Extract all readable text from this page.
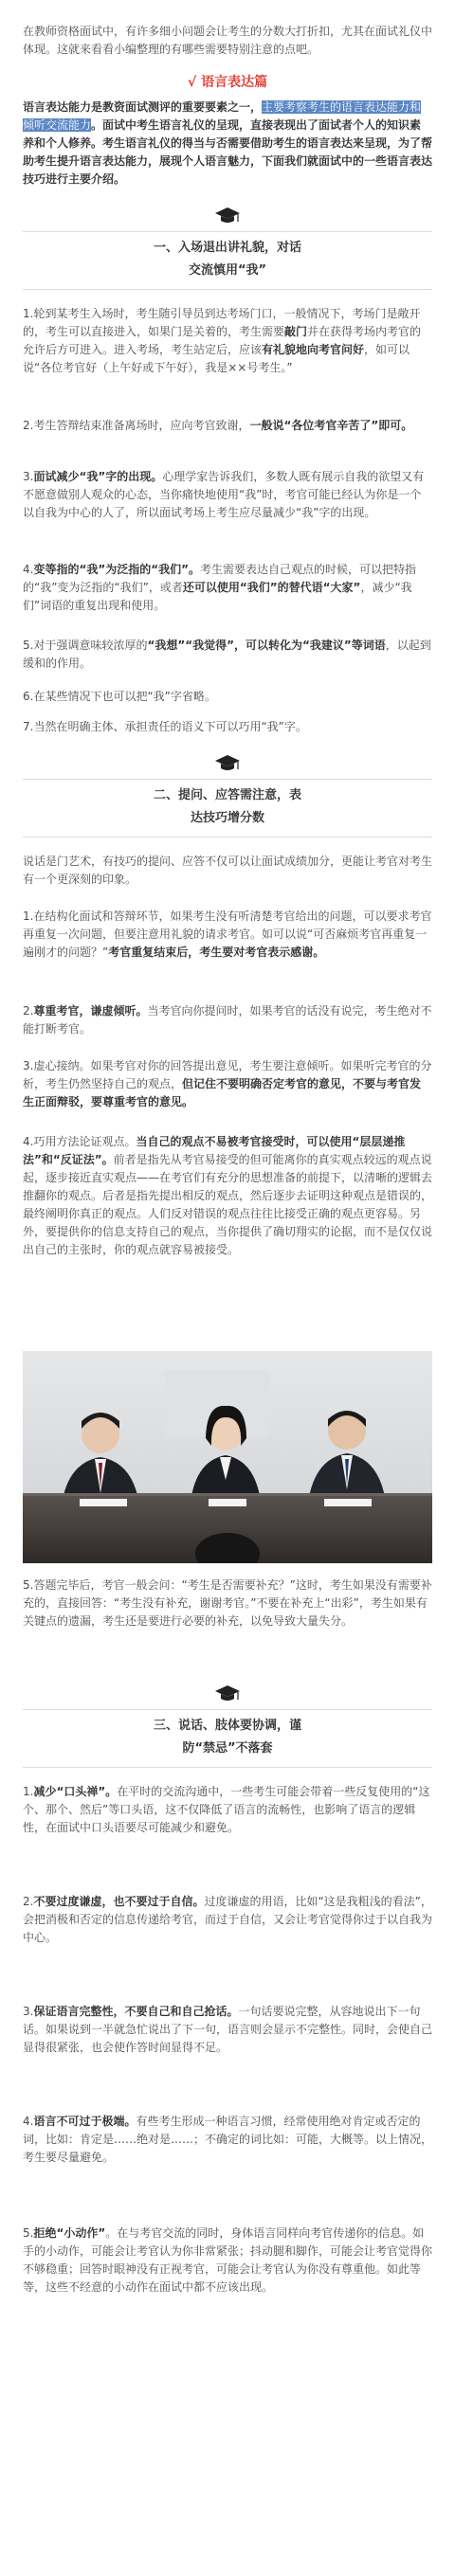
在教师资格面试中，有许多细小问题会让考生的分数大打折扣，尤其在面试礼仪中体现。这就来看看小编整理的有哪些需要特别注意的点吧。

√ 语言表达篇

语言表达能力是教资面试测评的重要要素之一，主要考察考生的语言表达能力和倾听交流能力。面试中考生语言礼仪的呈现，直接表现出了面试者个人的知识素养和个人修养。考生语言礼仪的得当与否需要借助考生的语言表达来呈现，为了帮助考生提升语言表达能力，展现个人语言魅力，下面我们就面试中的一些语言表达技巧进行主要介绍。

一、入场退出讲礼貌，对话
交流慎用“我”

1.轮到某考生入场时，考生随引导员到达考场门口，一般情况下，考场门是敞开的，考生可以直接进入，如果门是关着的，考生需要敲门并在获得考场内考官的允许后方可进入。进入考场，考生站定后，应该有礼貌地向考官问好，如可以说“各位考官好（上午好或下午好），我是××号考生。”

2.考生答辩结束准备离场时，应向考官致谢，一般说“各位考官辛苦了”即可。

3.面试减少“我”字的出现。心理学家告诉我们，多数人既有展示自我的欲望又有不愿意做别人观众的心态，当你痛快地使用“我”时，考官可能已经认为你是一个以自我为中心的人了，所以面试考场上考生应尽量减少“我”字的出现。

4.变等指的“我”为泛指的“我们”。考生需要表达自己观点的时候，可以把特指的“我”变为泛指的“我们”，或者还可以使用“我们”的替代语“大家”，减少“我们”词语的重复出现和使用。

5.对于强调意味较浓厚的“我想”“我觉得”，可以转化为“我建议”等词语，以起到缓和的作用。

6.在某些情况下也可以把“我”字省略。

7.当然在明确主体、承担责任的语义下可以巧用“我”字。

二、提问、应答需注意，表
达技巧增分数

说话是门艺术，有技巧的提问、应答不仅可以让面试成绩加分，更能让考官对考生有一个更深刻的印象。

1.在结构化面试和答辩环节，如果考生没有听清楚考官给出的问题，可以要求考官再重复一次问题，但要注意用礼貌的请求考官。如可以说“可否麻烦考官再重复一遍刚才的问题？”考官重复结束后，考生要对考官表示感谢。

2.尊重考官，谦虚倾听。当考官向你提问时，如果考官的话没有说完，考生绝对不能打断考官。

3.虚心接纳。如果考官对你的回答提出意见，考生要注意倾听。如果听完考官的分析，考生仍然坚持自己的观点，但记住不要明确否定考官的意见，不要与考官发生正面辩驳，要尊重考官的意见。

4.巧用方法论证观点。当自己的观点不易被考官接受时，可以使用“层层递推法”和“反证法”。前者是指先从考官易接受的但可能离你的真实观点较远的观点说起，逐步接近直实观点——在考官们有充分的思想准备的前提下，以清晰的逻辑去推翻你的观点。后者是指先提出相反的观点，然后逐步去证明这种观点是错误的，最终阐明你真正的观点。人们反对错误的观点往往比接受正确的观点更容易。另外，要提供你的信息支持自己的观点，当你提供了确切翔实的论据，而不是仅仅说出自己的主张时，你的观点就容易被接受。

5.答题完毕后，考官一般会问：“考生是否需要补充？”这时，考生如果没有需要补充的，直接回答：“考生没有补充，谢谢考官。”不要在补充上“出彩”，考生如果有关键点的遗漏，考生还是要进行必要的补充，以免导致大量失分。

三、说话、肢体要协调，谨
防“禁忌”不落套

1.减少“口头禅”。在平时的交流沟通中，一些考生可能会带着一些反复使用的“这个、那个、然后”等口头语，这不仅降低了语言的流畅性，也影响了语言的逻辑性，在面试中口头语要尽可能减少和避免。

2.不要过度谦虚，也不要过于自信。过度谦虚的用语，比如“这是我粗浅的看法”，会把消极和否定的信息传递给考官，而过于自信，又会让考官觉得你过于以自我为中心。

3.保证语言完整性，不要自己和自己抢话。一句话要说完整，从容地说出下一句话。如果说到一半就急忙说出了下一句，语言则会显示不完整性。同时，会使自己显得很紧张，也会使作答时间显得不足。

4.语言不可过于极端。有些考生形成一种语言习惯，经常使用绝对肯定或否定的词，比如：肯定是……绝对是……；不确定的词比如：可能，大概等。以上情况，考生要尽量避免。

5.拒绝“小动作”。在与考官交流的同时，身体语言同样向考官传递你的信息。如手的小动作，可能会让考官认为你非常紧张；抖动腿和脚作，可能会让考官觉得你不够稳重；回答时眼神没有正视考官，可能会让考官认为你没有尊重他。如此等等，这些不经意的小动作在面试中都不应该出现。
